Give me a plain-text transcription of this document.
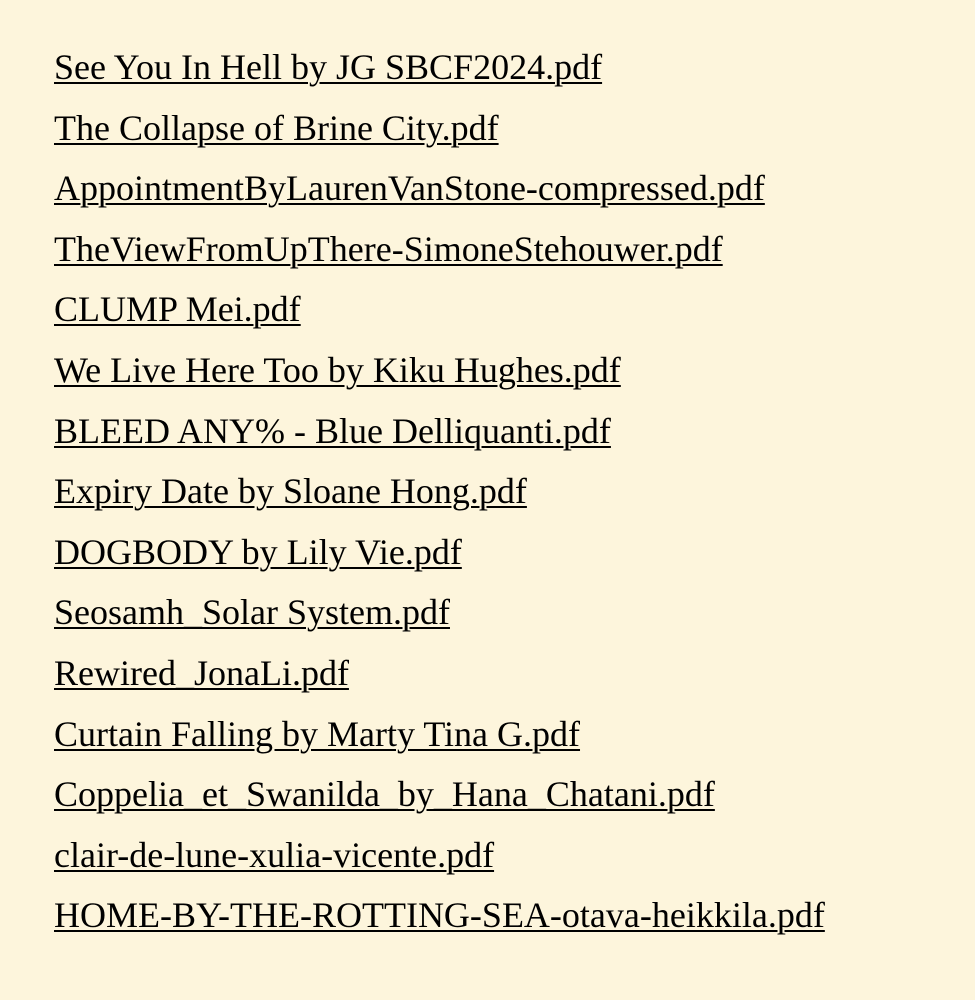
See You In Hell by JG SBCF2024.pdf
The Collapse of Brine City.pdf
AppointmentByLaurenVanStone-compressed.pdf
TheViewFromUpThere-SimoneStehouwer.pdf
CLUMP Mei.pdf
We Live Here Too by Kiku Hughes.pdf
BLEED ANY% - Blue Delliquanti.pdf
Expiry Date by Sloane Hong.pdf
DOGBODY by Lily Vie.pdf
Seosamh_Solar System.pdf
Rewired_JonaLi.pdf
Curtain Falling by Marty Tina G.pdf
Coppelia_et_Swanilda_by_Hana_Chatani.pdf
clair-de-lune-xulia-vicente.pdf
HOME-BY-THE-ROTTING-SEA-otava-heikkila.pdf
